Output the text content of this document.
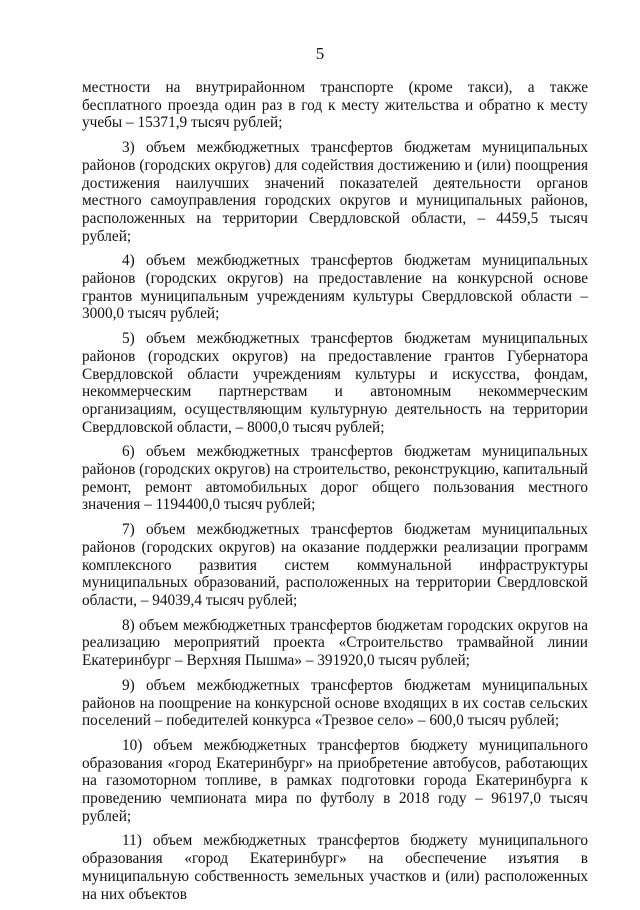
5

местности на внутрирайонном транспорте (кроме такси), а также бесплатного проезда один раз в год к месту жительства и обратно к месту учебы – 15371,9 тысяч рублей;

3) объем межбюджетных трансфертов бюджетам муниципальных районов (городских округов) для содействия достижению и (или) поощрения достижения наилучших значений показателей деятельности органов местного самоуправления городских округов и муниципальных районов, расположенных на территории Свердловской области, – 4459,5 тысяч рублей;

4) объем межбюджетных трансфертов бюджетам муниципальных районов (городских округов) на предоставление на конкурсной основе грантов муниципальным учреждениям культуры Свердловской области – 3000,0 тысяч рублей;

5) объем межбюджетных трансфертов бюджетам муниципальных районов (городских округов) на предоставление грантов Губернатора Свердловской области учреждениям культуры и искусства, фондам, некоммерческим партнерствам и автономным некоммерческим организациям, осуществляющим культурную деятельность на территории Свердловской области, – 8000,0 тысяч рублей;

6) объем межбюджетных трансфертов бюджетам муниципальных районов (городских округов) на строительство, реконструкцию, капитальный ремонт, ремонт автомобильных дорог общего пользования местного значения – 1194400,0 тысяч рублей;

7) объем межбюджетных трансфертов бюджетам муниципальных районов (городских округов) на оказание поддержки реализации программ комплексного развития систем коммунальной инфраструктуры муниципальных образований, расположенных на территории Свердловской области, – 94039,4 тысяч рублей;

8) объем межбюджетных трансфертов бюджетам городских округов на реализацию мероприятий проекта «Строительство трамвайной линии Екатеринбург – Верхняя Пышма» – 391920,0 тысяч рублей;

9) объем межбюджетных трансфертов бюджетам муниципальных районов на поощрение на конкурсной основе входящих в их состав сельских поселений – победителей конкурса «Трезвое село» – 600,0 тысяч рублей;

10) объем межбюджетных трансфертов бюджету муниципального образования «город Екатеринбург» на приобретение автобусов, работающих на газомоторном топливе, в рамках подготовки города Екатеринбурга к проведению чемпионата мира по футболу в 2018 году – 96197,0 тысяч рублей;

11) объем межбюджетных трансфертов бюджету муниципального образования «город Екатеринбург» на обеспечение изъятия в муниципальную собственность земельных участков и (или) расположенных на них объектов
